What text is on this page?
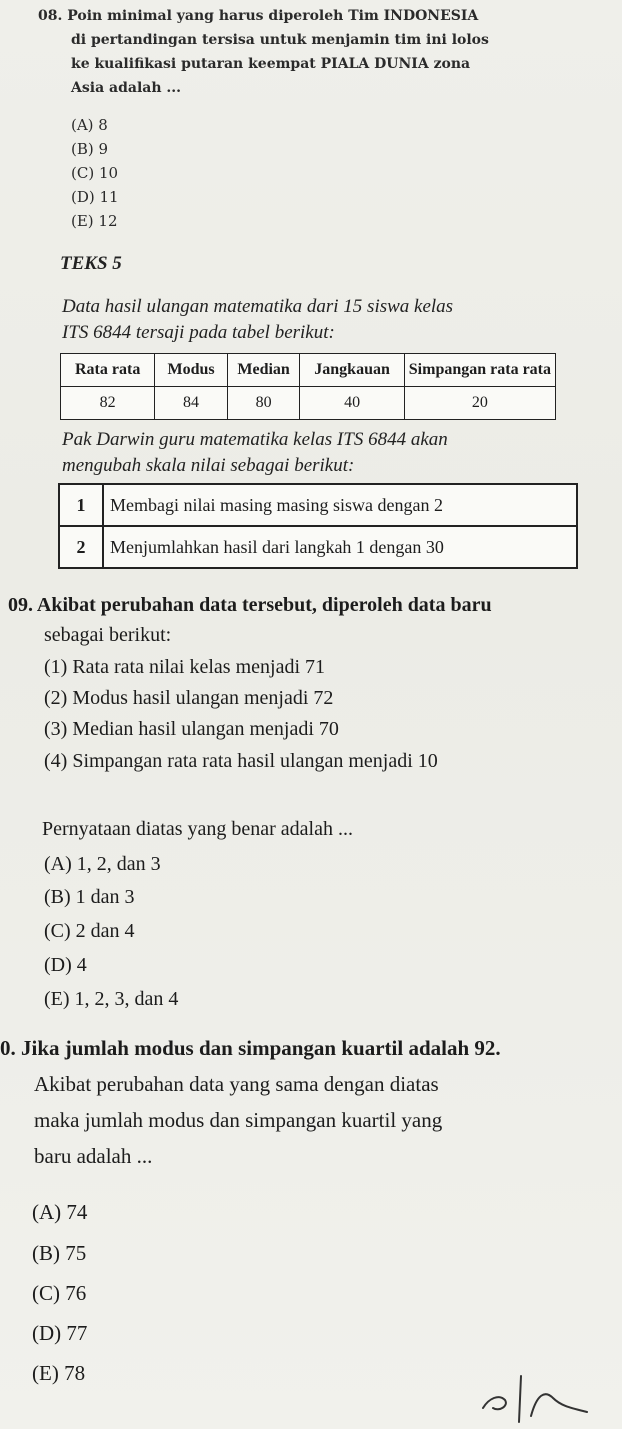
08. Poin minimal yang harus diperoleh Tim INDONESIA
di pertandingan tersisa untuk menjamin tim ini lolos
ke kualifikasi putaran keempat PIALA DUNIA zona
Asia adalah ...
(A) 8
(B) 9
(C) 10
(D) 11
(E) 12
TEKS 5
Data hasil ulangan matematika dari 15 siswa kelas
ITS 6844 tersaji pada tabel berikut:
Rata rata	Modus	Median	Jangkauan	Simpangan rata rata
82	84	80	40	20
Pak Darwin guru matematika kelas ITS 6844 akan
mengubah skala nilai sebagai berikut:
1	Membagi nilai masing masing siswa dengan 2
2	Menjumlahkan hasil dari langkah 1 dengan 30
09. Akibat perubahan data tersebut, diperoleh data baru
sebagai berikut:
(1) Rata rata nilai kelas menjadi 71
(2) Modus hasil ulangan menjadi 72
(3) Median hasil ulangan menjadi 70
(4) Simpangan rata rata hasil ulangan menjadi 10
Pernyataan diatas yang benar adalah ...
(A) 1, 2, dan 3
(B) 1 dan 3
(C) 2 dan 4
(D) 4
(E) 1, 2, 3, dan 4
0. Jika jumlah modus dan simpangan kuartil adalah 92.
Akibat perubahan data yang sama dengan diatas
maka jumlah modus dan simpangan kuartil yang
baru adalah ...
(A) 74
(B) 75
(C) 76
(D) 77
(E) 78
